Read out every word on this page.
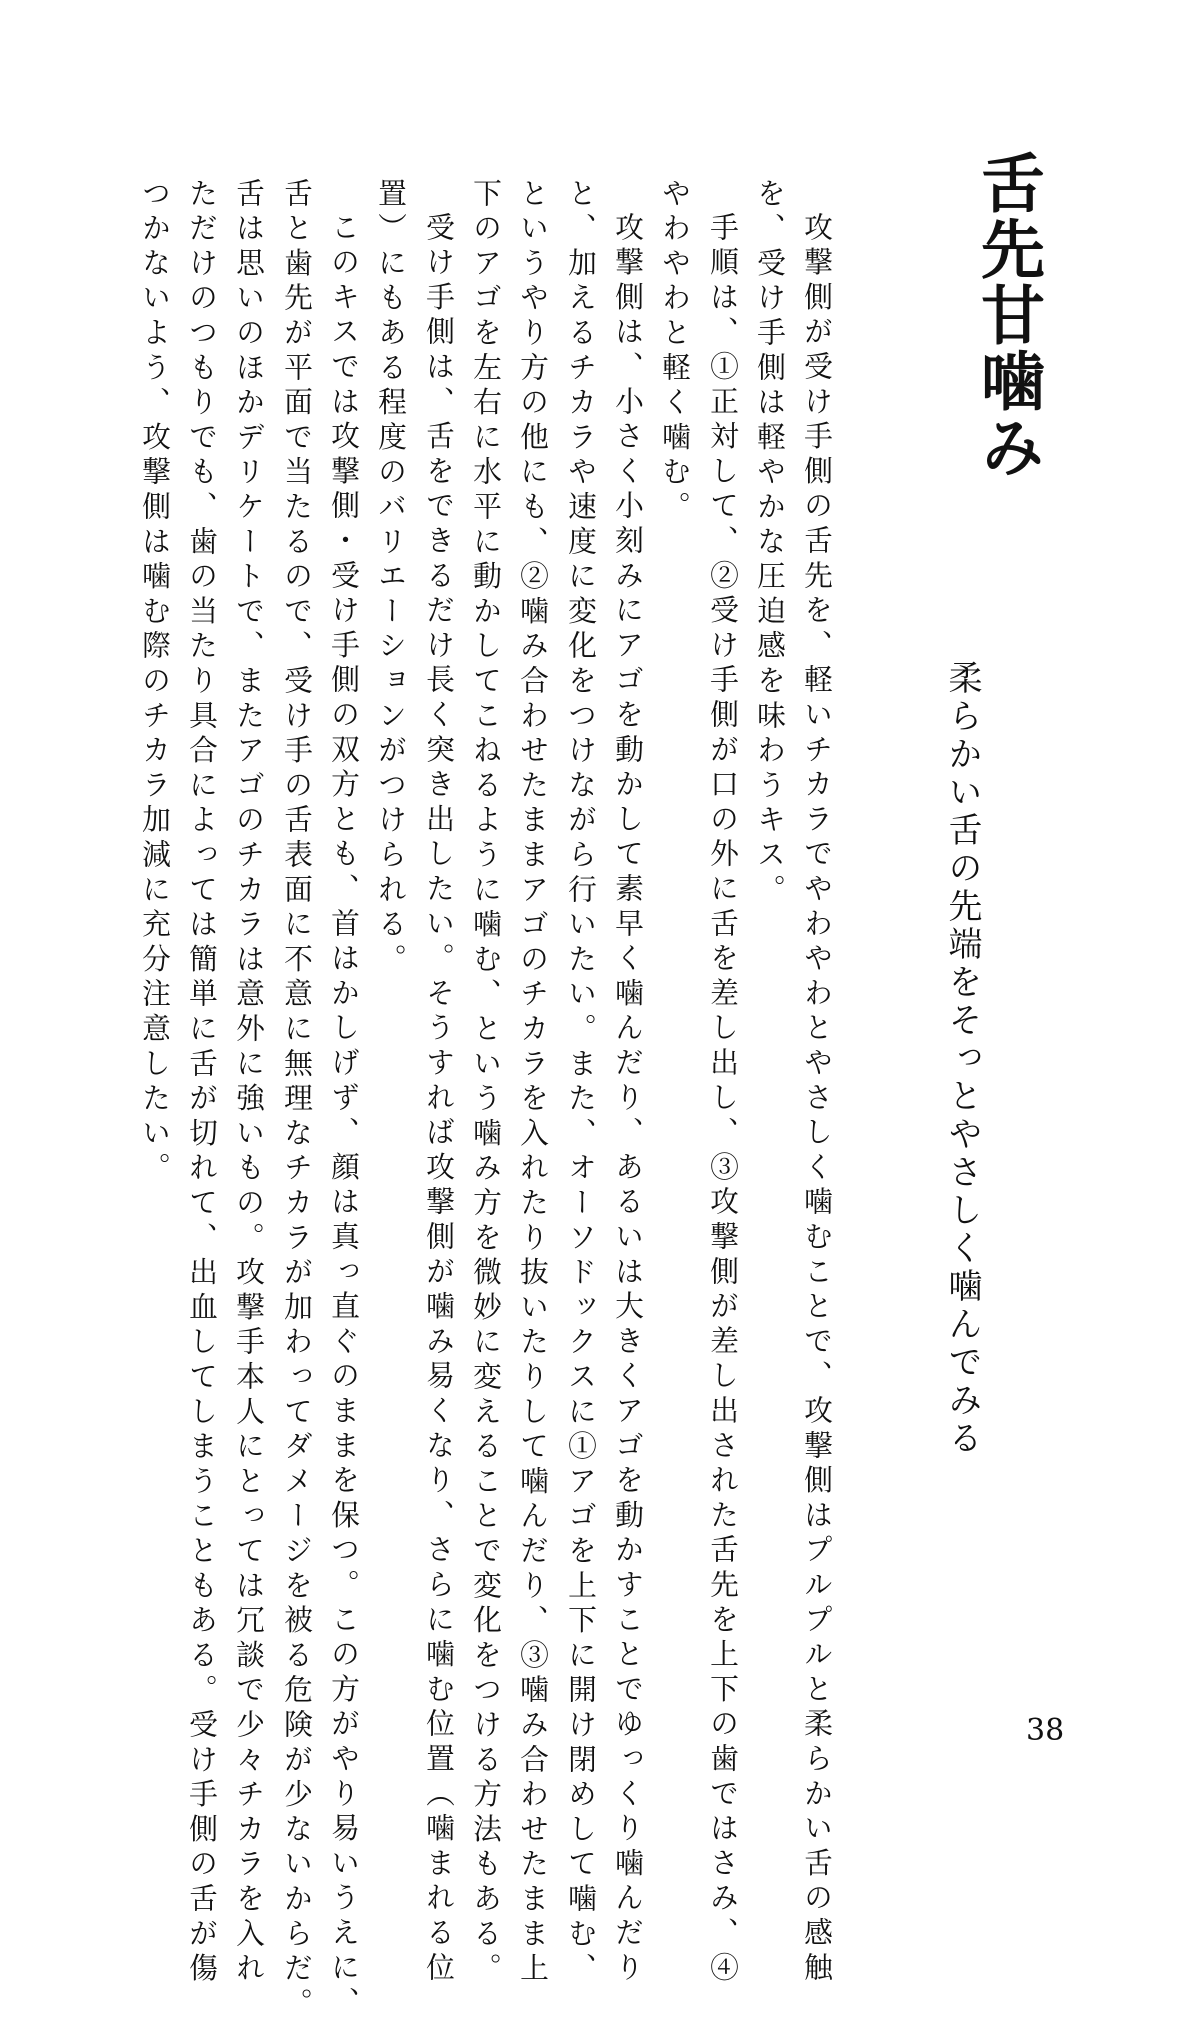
舌先甘噛み
柔らかい舌の先端をそっとやさしく噛んでみる
攻撃側が受け手側の舌先を、軽いチカラでやわやわとやさしく噛むことで、攻撃側はプルプルと柔らかい舌の感触
を、受け手側は軽やかな圧迫感を味わうキス。
手順は、①正対して、②受け手側が口の外に舌を差し出し、③攻撃側が差し出された舌先を上下の歯ではさみ、④
やわやわと軽く噛む。
攻撃側は、小さく小刻みにアゴを動かして素早く噛んだり、あるいは大きくアゴを動かすことでゆっくり噛んだり
と、加えるチカラや速度に変化をつけながら行いたい。また、オーソドックスに①アゴを上下に開け閉めして噛む、
というやり方の他にも、②噛み合わせたままアゴのチカラを入れたり抜いたりして噛んだり、③噛み合わせたまま上
下のアゴを左右に水平に動かしてこねるように噛む、という噛み方を微妙に変えることで変化をつける方法もある。
受け手側は、舌をできるだけ長く突き出したい。そうすれば攻撃側が噛み易くなり、さらに噛む位置（噛まれる位
置）にもある程度のバリエーションがつけられる。
このキスでは攻撃側・受け手側の双方とも、首はかしげず、顔は真っ直ぐのままを保つ。この方がやり易いうえに、
舌と歯先が平面で当たるので、受け手の舌表面に不意に無理なチカラが加わってダメージを被る危険が少ないからだ。
舌は思いのほかデリケートで、またアゴのチカラは意外に強いもの。攻撃手本人にとっては冗談で少々チカラを入れ
ただけのつもりでも、歯の当たり具合によっては簡単に舌が切れて、出血してしまうこともある。受け手側の舌が傷
つかないよう、攻撃側は噛む際のチカラ加減に充分注意したい。
38
